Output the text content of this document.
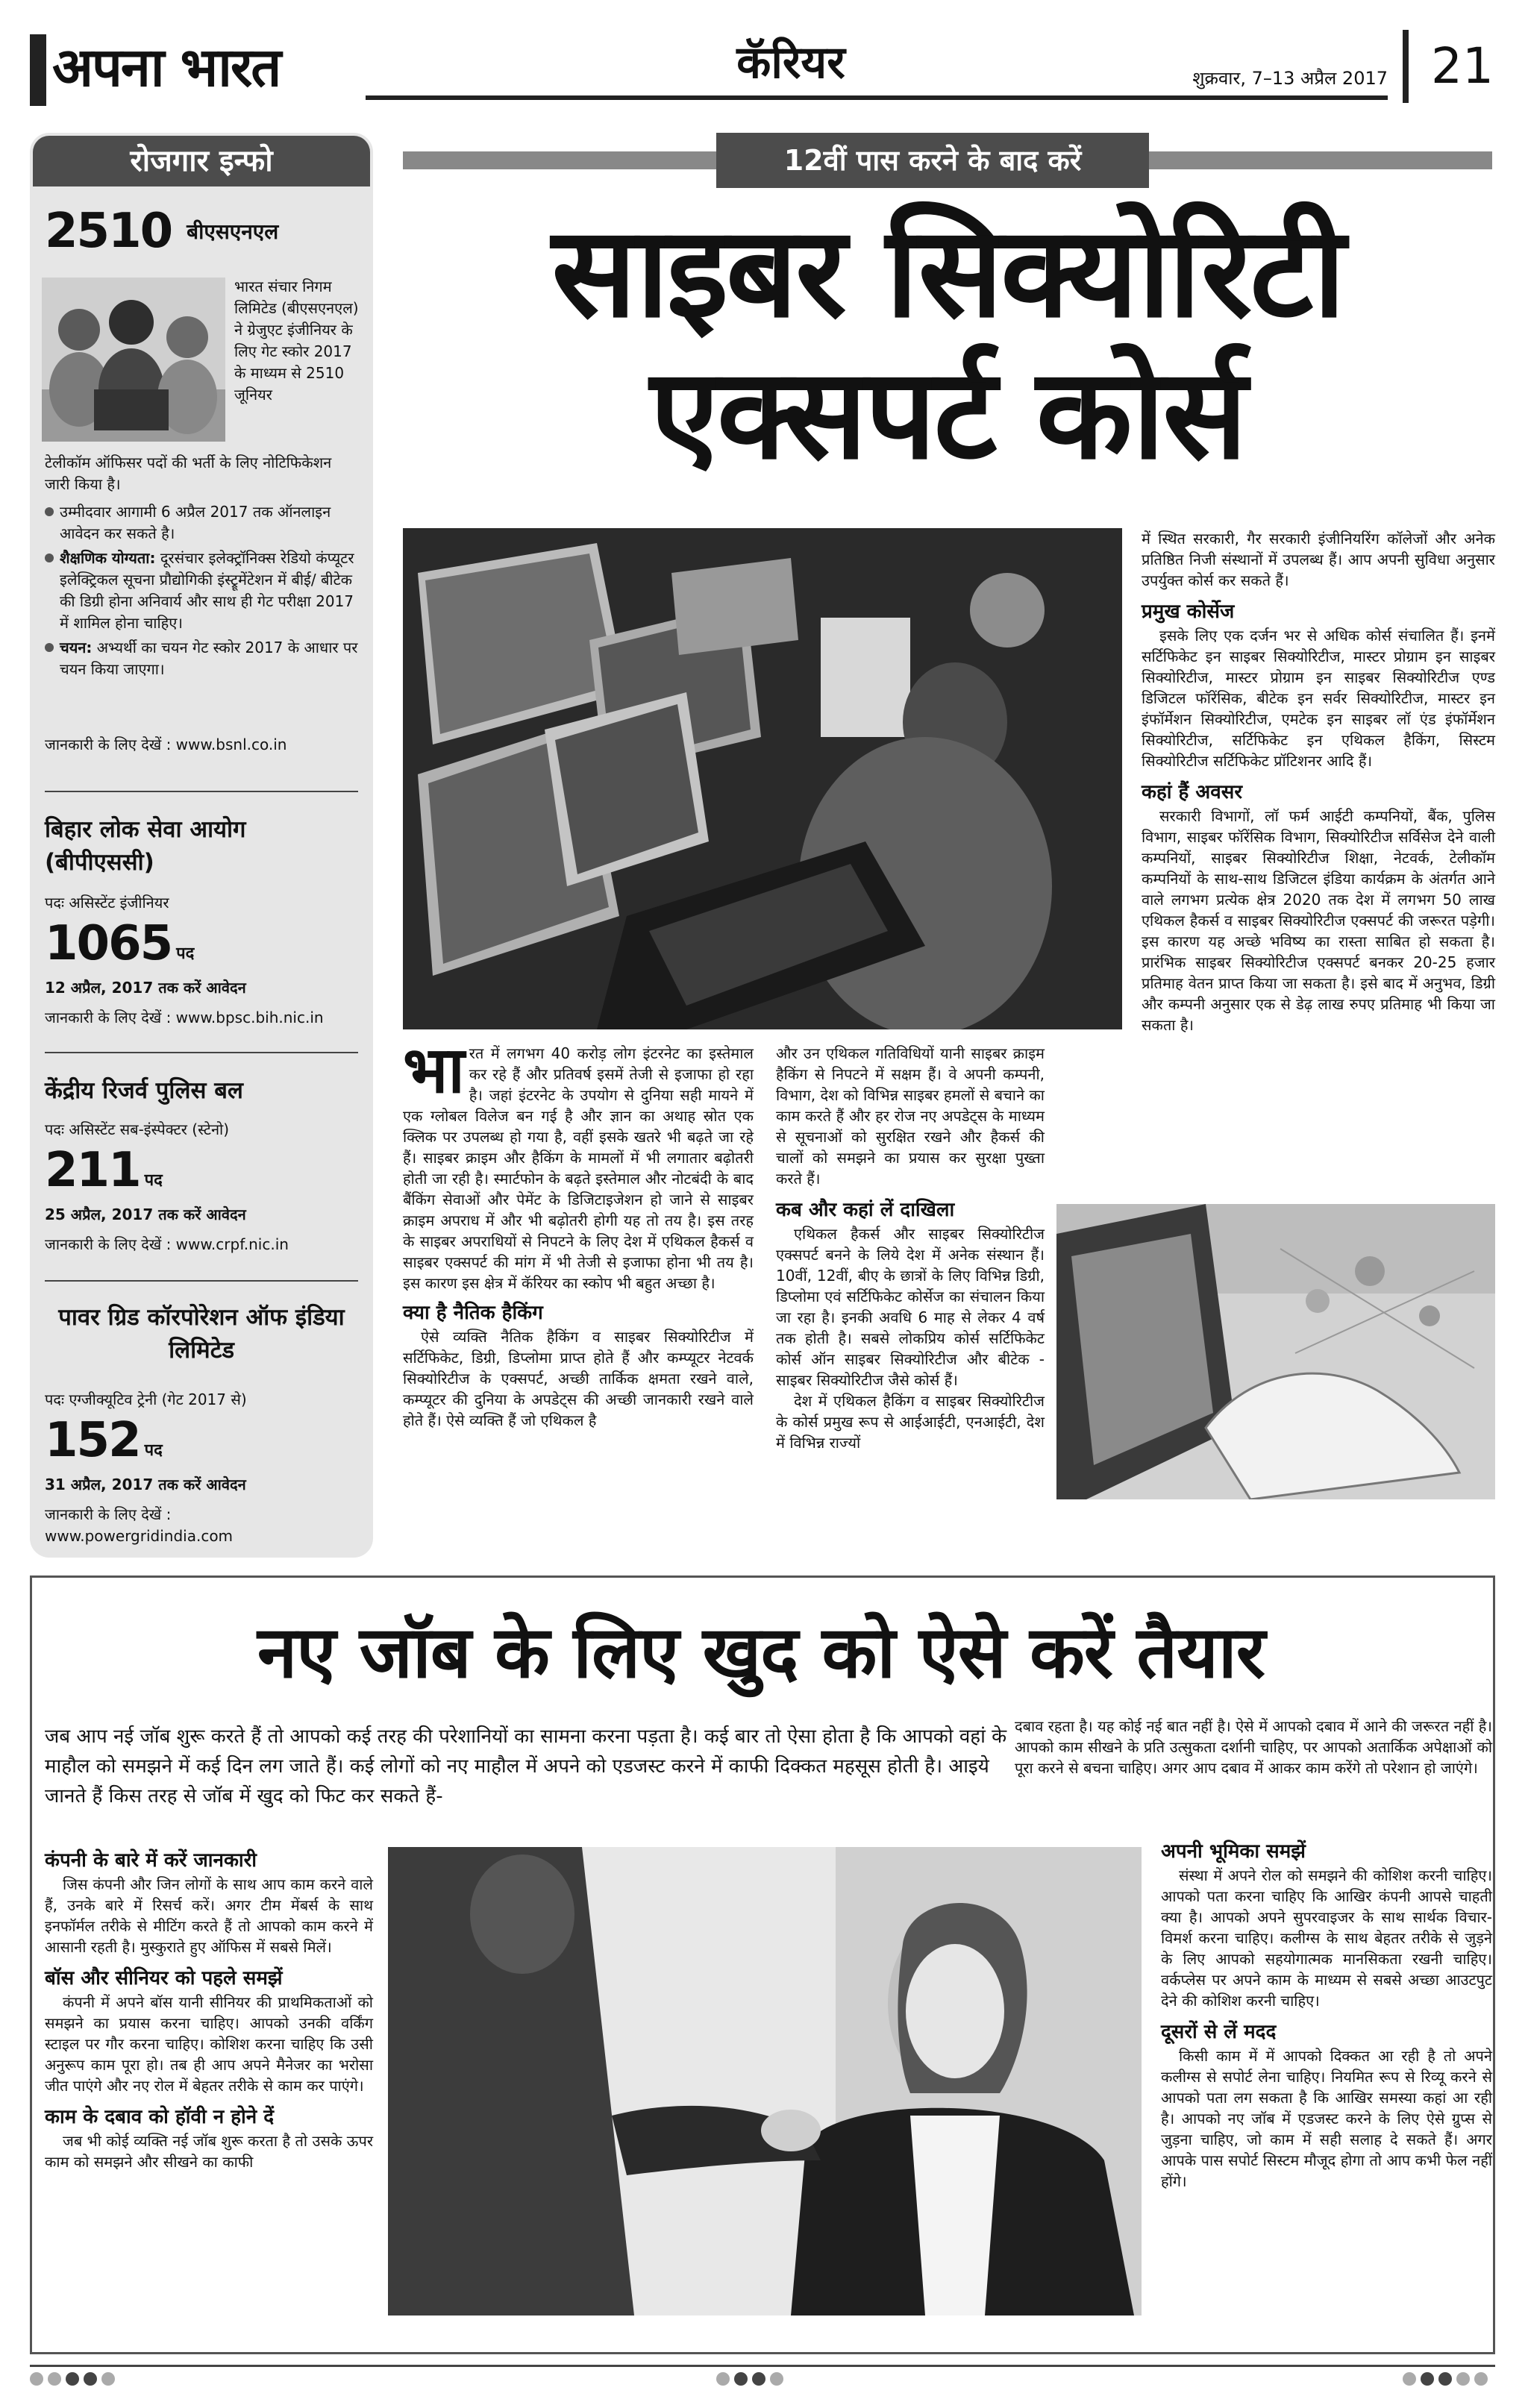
अपना भारत	कॅरियर	शुक्रवार, 7–13 अप्रैल 2017 21
रोजगार इन्फो
2510 बीएसएनएल
भारत संचार निगम लिमिटेड (बीएसएनएल) ने ग्रेजुएट इंजीनियर के लिए गेट स्कोर 2017 के माध्यम से 2510 जूनियर
टेलीकॉम ऑफिसर पदों की भर्ती के लिए नोटिफिकेशन जारी किया है।
उम्मीदवार आगामी 6 अप्रैल 2017 तक ऑनलाइन आवेदन कर सकते है।
शैक्षणिक योग्यता: दूरसंचार इलेक्ट्रॉनिक्स रेडियो कंप्यूटर इलेक्ट्रिकल सूचना प्रौद्योगिकी इंस्ट्रूमेंटेशन में बीई/ बीटेक की डिग्री होना अनिवार्य और साथ ही गेट परीक्षा 2017 में शामिल होना चाहिए।
चयन: अभ्यर्थी का चयन गेट स्कोर 2017 के आधार पर चयन किया जाएगा।
जानकारी के लिए देखें : www.bsnl.co.in
बिहार लोक सेवा आयोग (बीपीएससी)
पदः असिस्टेंट इंजीनियर
1065 पद
12 अप्रैल, 2017 तक करें आवेदन
जानकारी के लिए देखें : www.bpsc.bih.nic.in
केंद्रीय रिजर्व पुलिस बल
पदः असिस्टेंट सब-इंस्पेक्टर (स्टेनो)
211 पद
25 अप्रैल, 2017 तक करें आवेदन
जानकारी के लिए देखें : www.crpf.nic.in
पावर ग्रिड कॉरपोरेशन ऑफ इंडिया लिमिटेड
पदः एग्जीक्यूटिव ट्रेनी (गेट 2017 से)
152 पद
31 अप्रैल, 2017 तक करें आवेदन
जानकारी के लिए देखें : www.powergridindia.com
12वीं पास करने के बाद करें
साइबर सिक्योरिटी
एक्सपर्ट कोर्स
भा रत में लगभग 40 करोड़ लोग इंटरनेट का इस्तेमाल कर रहे हैं और प्रतिवर्ष इसमें तेजी से इजाफा हो रहा है। जहां इंटरनेट के उपयोग से दुनिया सही मायने में एक ग्लोबल विलेज बन गई है और ज्ञान का अथाह स्रोत एक क्लिक पर उपलब्ध हो गया है, वहीं इसके खतरे भी बढ़ते जा रहे हैं। साइबर क्राइम और हैकिंग के मामलों में भी लगातार बढ़ोतरी होती जा रही है। स्मार्टफोन के बढ़ते इस्तेमाल और नोटबंदी के बाद बैंकिंग सेवाओं और पेमेंट के डिजिटाइजेशन हो जाने से साइबर क्राइम अपराध में और भी बढ़ोतरी होगी यह तो तय है। इस तरह के साइबर अपराधियों से निपटने के लिए देश में एथिकल हैकर्स व साइबर एक्सपर्ट की मांग में भी तेजी से इजाफा होना भी तय है। इस कारण इस क्षेत्र में कॅरियर का स्कोप भी बहुत अच्छा है।
क्या है नैतिक हैकिंग
ऐसे व्यक्ति नैतिक हैकिंग व साइबर सिक्योरिटीज में सर्टिफिकेट, डिग्री, डिप्लोमा प्राप्त होते हैं और कम्प्यूटर नेटवर्क सिक्योरिटीज के एक्सपर्ट, अच्छी तार्किक क्षमता रखने वाले, कम्प्यूटर की दुनिया के अपडेट्स की अच्छी जानकारी रखने वाले होते हैं। ऐसे व्यक्ति हैं जो एथिकल है
और उन एथिकल गतिविधियों यानी साइबर क्राइम हैकिंग से निपटने में सक्षम हैं। वे अपनी कम्पनी, विभाग, देश को विभिन्न साइबर हमलों से बचाने का काम करते हैं और हर रोज नए अपडेट्स के माध्यम से सूचनाओं को सुरक्षित रखने और हैकर्स की चालों को समझने का प्रयास कर सुरक्षा पुख्ता करते हैं।
कब और कहां लें दाखिला
एथिकल हैकर्स और साइबर सिक्योरिटीज एक्सपर्ट बनने के लिये देश में अनेक संस्थान हैं। 10वीं, 12वीं, बीए के छात्रों के लिए विभिन्न डिग्री, डिप्लोमा एवं सर्टिफिकेट कोर्सेज का संचालन किया जा रहा है। इनकी अवधि 6 माह से लेकर 4 वर्ष तक होती है। सबसे लोकप्रिय कोर्स सर्टिफिकेट कोर्स ऑन साइबर सिक्योरिटीज और बीटेक - साइबर सिक्योरिटीज जैसे कोर्स हैं।
देश में एथिकल हैकिंग व साइबर सिक्योरिटीज के कोर्स प्रमुख रूप से आईआईटी, एनआईटी, देश में विभिन्न राज्यों
में स्थित सरकारी, गैर सरकारी इंजीनियरिंग कॉलेजों और अनेक प्रतिष्ठित निजी संस्थानों में उपलब्ध हैं। आप अपनी सुविधा अनुसार उपर्युक्त कोर्स कर सकते हैं।
प्रमुख कोर्सेज
इसके लिए एक दर्जन भर से अधिक कोर्स संचालित हैं। इनमें सर्टिफिकेट इन साइबर सिक्योरिटीज, मास्टर प्रोग्राम इन साइबर सिक्योरिटीज, मास्टर प्रोग्राम इन साइबर सिक्योरिटीज एण्ड डिजिटल फॉरेंसिक, बीटेक इन सर्वर सिक्योरिटीज, मास्टर इन इंफॉर्मेशन सिक्योरिटीज, एमटेक इन साइबर लॉ एंड इंफॉर्मेशन सिक्योरिटीज, सर्टिफिकेट इन एथिकल हैकिंग, सिस्टम सिक्योरिटीज सर्टिफिकेट प्रॉटिशनर आदि हैं।
कहां हैं अवसर
सरकारी विभागों, लॉ फर्म आईटी कम्पनियों, बैंक, पुलिस विभाग, साइबर फॉरेंसिक विभाग, सिक्योरिटीज सर्विसेज देने वाली कम्पनियों, साइबर सिक्योरिटीज शिक्षा, नेटवर्क, टेलीकॉम कम्पनियों के साथ-साथ डिजिटल इंडिया कार्यक्रम के अंतर्गत आने वाले लगभग प्रत्येक क्षेत्र 2020 तक देश में लगभग 50 लाख एथिकल हैकर्स व साइबर सिक्योरिटीज एक्सपर्ट की जरूरत पड़ेगी। इस कारण यह अच्छे भविष्य का रास्ता साबित हो सकता है। प्रारंभिक साइबर सिक्योरिटीज एक्सपर्ट बनकर 20-25 हजार प्रतिमाह वेतन प्राप्त किया जा सकता है। इसे बाद में अनुभव, डिग्री और कम्पनी अनुसार एक से डेढ़ लाख रुपए प्रतिमाह भी किया जा सकता है।
नए जॉब के लिए खुद को ऐसे करें तैयार
जब आप नई जॉब शुरू करते हैं तो आपको कई तरह की परेशानियों का सामना करना पड़ता है। कई बार तो ऐसा होता है कि आपको वहां के माहौल को समझने में कई दिन लग जाते हैं। कई लोगों को नए माहौल में अपने को एडजस्ट करने में काफी दिक्कत महसूस होती है। आइये जानते हैं किस तरह से जॉब में खुद को फिट कर सकते हैं-
कंपनी के बारे में करें जानकारी
जिस कंपनी और जिन लोगों के साथ आप काम करने वाले हैं, उनके बारे में रिसर्च करें। अगर टीम मेंबर्स के साथ इनफॉर्मल तरीके से मीटिंग करते हैं तो आपको काम करने में आसानी रहती है। मुस्कुराते हुए ऑफिस में सबसे मिलें।
बॉस और सीनियर को पहले समझें
कंपनी में अपने बॉस यानी सीनियर की प्राथमिकताओं को समझने का प्रयास करना चाहिए। आपको उनकी वर्किंग स्टाइल पर गौर करना चाहिए। कोशिश करना चाहिए कि उसी अनुरूप काम पूरा हो। तब ही आप अपने मैनेजर का भरोसा जीत पाएंगे और नए रोल में बेहतर तरीके से काम कर पाएंगे।
काम के दबाव को हॉवी न होने दें
जब भी कोई व्यक्ति नई जॉब शुरू करता है तो उसके ऊपर काम को समझने और सीखने का काफी
दबाव रहता है। यह कोई नई बात नहीं है। ऐसे में आपको दबाव में आने की जरूरत नहीं है। आपको काम सीखने के प्रति उत्सुकता दर्शानी चाहिए, पर आपको अतार्किक अपेक्षाओं को पूरा करने से बचना चाहिए। अगर आप दबाव में आकर काम करेंगे तो परेशान हो जाएंगे।
अपनी भूमिका समझें
संस्था में अपने रोल को समझने की कोशिश करनी चाहिए। आपको पता करना चाहिए कि आखिर कंपनी आपसे चाहती क्या है। आपको अपने सुपरवाइजर के साथ सार्थक विचार-विमर्श करना चाहिए। कलीग्स के साथ बेहतर तरीके से जुड़ने के लिए आपको सहयोगात्मक मानसिकता रखनी चाहिए। वर्कप्लेस पर अपने काम के माध्यम से सबसे अच्छा आउटपुट देने की कोशिश करनी चाहिए।
दूसरों से लें मदद
किसी काम में में आपको दिक्कत आ रही है तो अपने कलीग्स से सपोर्ट लेना चाहिए। नियमित रूप से रिव्यू करने से आपको पता लग सकता है कि आखिर समस्या कहां आ रही है। आपको नए जॉब में एडजस्ट करने के लिए ऐसे ग्रुप्स से जुड़ना चाहिए, जो काम में सही सलाह दे सकते हैं। अगर आपके पास सपोर्ट सिस्टम मौजूद होगा तो आप कभी फेल नहीं होंगे।
